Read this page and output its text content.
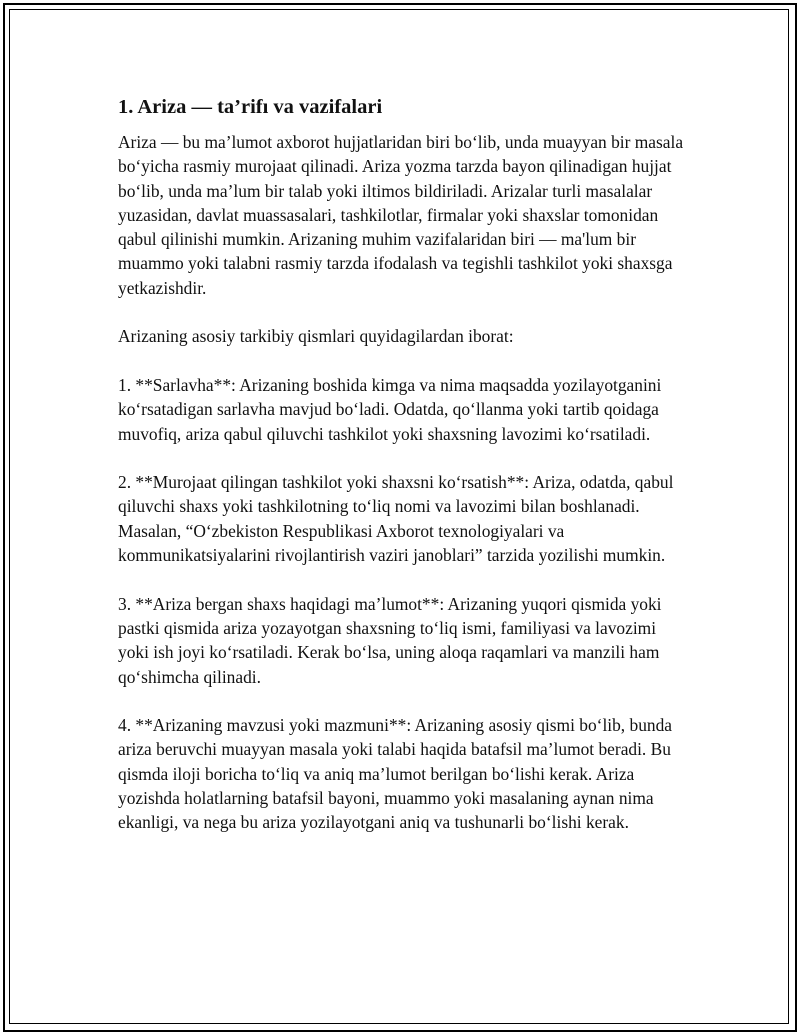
1. Ariza — ta’rifı va vazifalari

Ariza — bu ma’lumot axborot hujjatlaridan biri bo‘lib, unda muayyan bir masala bo‘yicha rasmiy murojaat qilinadi. Ariza yozma tarzda bayon qilinadigan hujjat bo‘lib, unda ma’lum bir talab yoki iltimos bildiriladi. Arizalar turli masalalar yuzasidan, davlat muassasalari, tashkilotlar, firmalar yoki shaxslar tomonidan qabul qilinishi mumkin. Arizaning muhim vazifalaridan biri — ma'lum bir muammo yoki talabni rasmiy tarzda ifodalash va tegishli tashkilot yoki shaxsga yetkazishdir.

Arizaning asosiy tarkibiy qismlari quyidagilardan iborat:

1. **Sarlavha**: Arizaning boshida kimga va nima maqsadda yozilayotganini ko‘rsatadigan sarlavha mavjud bo‘ladi. Odatda, qo‘llanma yoki tartib qoidaga muvofiq, ariza qabul qiluvchi tashkilot yoki shaxsning lavozimi ko‘rsatiladi.

2. **Murojaat qilingan tashkilot yoki shaxsni ko‘rsatish**: Ariza, odatda, qabul qiluvchi shaxs yoki tashkilotning to‘liq nomi va lavozimi bilan boshlanadi. Masalan, “O‘zbekiston Respublikasi Axborot texnologiyalari va kommunikatsiyalarini rivojlantirish vaziri janoblari” tarzida yozilishi mumkin.

3. **Ariza bergan shaxs haqidagi ma’lumot**: Arizaning yuqori qismida yoki pastki qismida ariza yozayotgan shaxsning to‘liq ismi, familiyasi va lavozimi yoki ish joyi ko‘rsatiladi. Kerak bo‘lsa, uning aloqa raqamlari va manzili ham qo‘shimcha qilinadi.

4. **Arizaning mavzusi yoki mazmuni**: Arizaning asosiy qismi bo‘lib, bunda ariza beruvchi muayyan masala yoki talabi haqida batafsil ma’lumot beradi. Bu qismda iloji boricha to‘liq va aniq ma’lumot berilgan bo‘lishi kerak. Ariza yozishda holatlarning batafsil bayoni, muammo yoki masalaning aynan nima ekanligi, va nega bu ariza yozilayotgani aniq va tushunarli bo‘lishi kerak.
